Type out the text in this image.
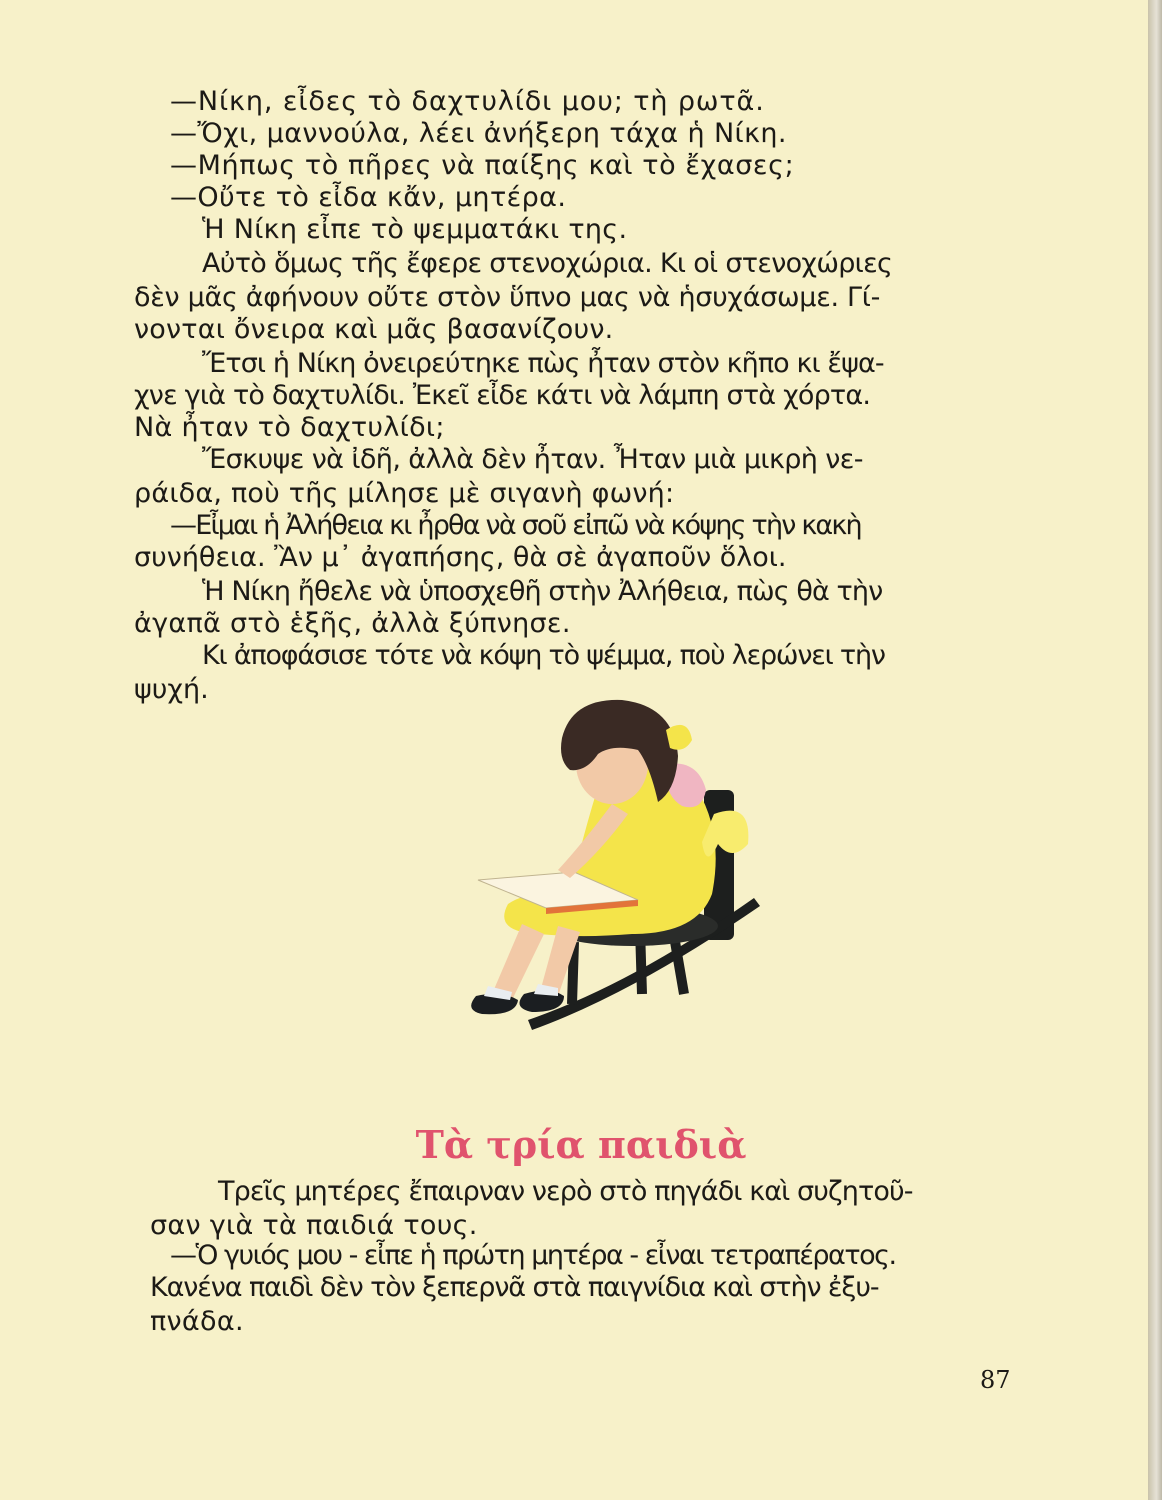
—Νίκη, εἶδες τὸ δαχτυλίδι μου; τὴ ρωτᾶ.

—Ὄχι, μαννούλα, λέει ἀνήξερη τάχα ἡ Νίκη.

—Μήπως τὸ πῆρες νὰ παίξης καὶ τὸ ἔχασες;

—Οὔτε τὸ εἶδα κἄν, μητέρα.

Ἡ Νίκη εἶπε τὸ ψεμματάκι της.

Αὐτὸ ὅμως τῆς ἔφερε στενοχώρια. Κι οἱ στενοχώριες

δὲν μᾶς ἀφήνουν οὔτε στὸν ὕπνο μας νὰ ἡσυχάσωμε. Γί-

νονται ὄνειρα καὶ μᾶς βασανίζουν.

Ἔτσι ἡ Νίκη ὀνειρεύτηκε πὼς ἦταν στὸν κῆπο κι ἔψα-

χνε γιὰ τὸ δαχτυλίδι. Ἐκεῖ εἶδε κάτι νὰ λάμπη στὰ χόρτα.

Νὰ ἦταν τὸ δαχτυλίδι;

Ἔσκυψε νὰ ἰδῆ, ἀλλὰ δὲν ἦταν. Ἦταν μιὰ μικρὴ νε-

ράιδα, ποὺ τῆς μίλησε μὲ σιγανὴ φωνή:

—Εἶμαι ἡ Ἀλήθεια κι ἦρθα νὰ σοῦ εἰπῶ νὰ κόψης τὴν κακὴ

συνήθεια. Ἂν μ᾽ ἀγαπήσης, θὰ σὲ ἀγαποῦν ὅλοι.

Ἡ Νίκη ἤθελε νὰ ὑποσχεθῆ στὴν Ἀλήθεια, πὼς θὰ τὴν

ἀγαπᾶ στὸ ἑξῆς, ἀλλὰ ξύπνησε.

Κι ἀποφάσισε τότε νὰ κόψη τὸ ψέμμα, ποὺ λερώνει τὴν

ψυχή.

Τὰ τρία παιδιὰ

Τρεῖς μητέρες ἔπαιρναν νερὸ στὸ πηγάδι καὶ συζητοῦ-

σαν γιὰ τὰ παιδιά τους.

—Ὁ γυιός μου - εἶπε ἡ πρώτη μητέρα - εἶναι τετραπέρατος.

Κανένα παιδὶ δὲν τὸν ξεπερνᾶ στὰ παιγνίδια καὶ στὴν ἐξυ-

πνάδα.

87
